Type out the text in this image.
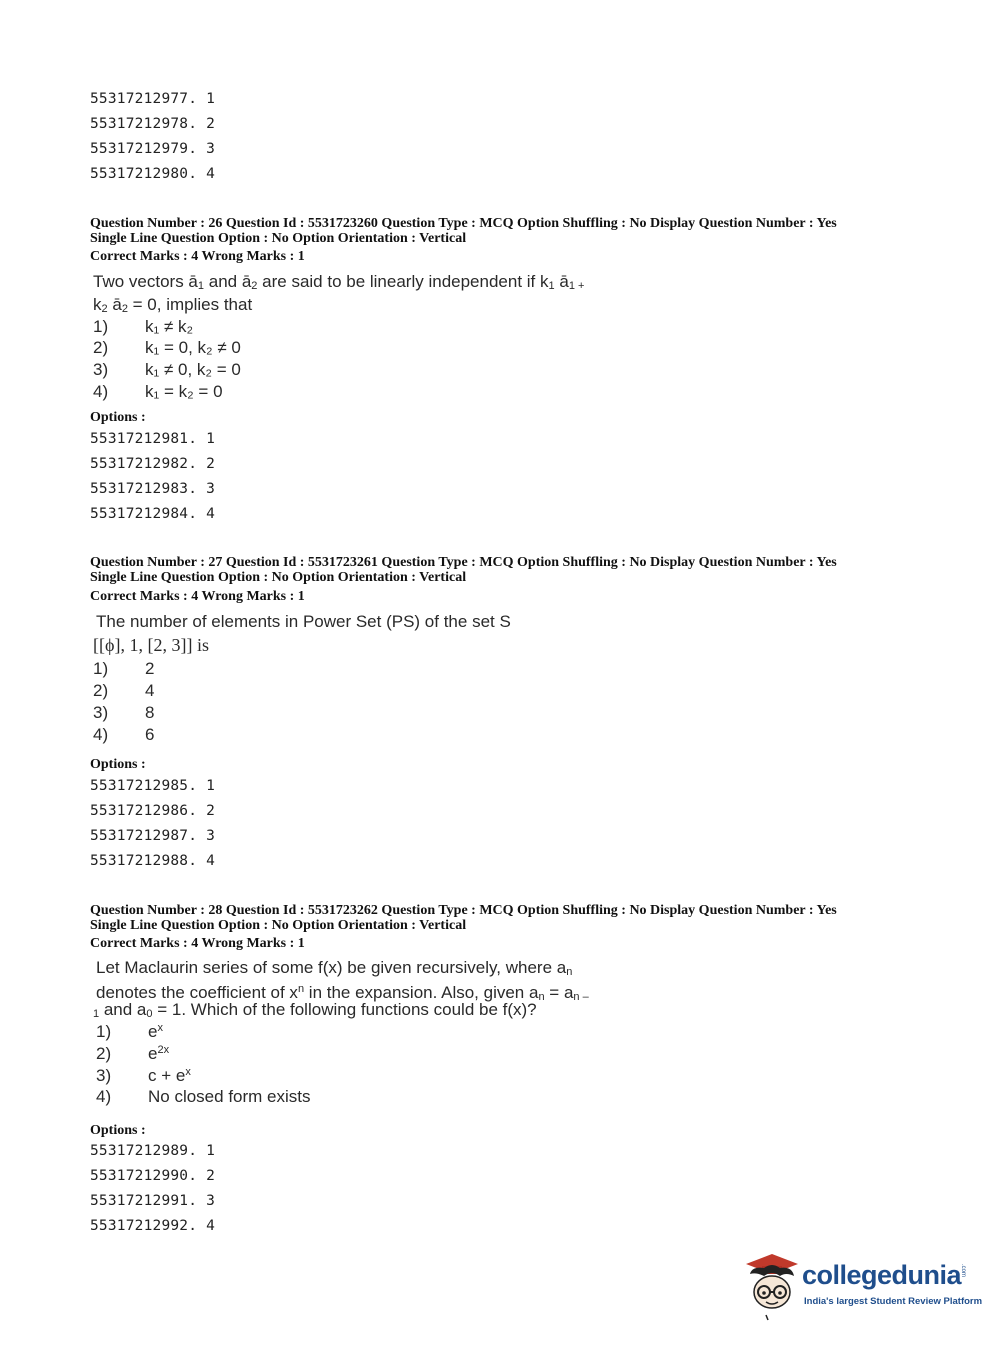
55317212977. 1
55317212978. 2
55317212979. 3
55317212980. 4
Question Number : 26 Question Id : 5531723260 Question Type : MCQ Option Shuffling : No Display Question Number : Yes
Single Line Question Option : No Option Orientation : Vertical
Correct Marks : 4 Wrong Marks : 1
Two vectors ā1 and ā2 are said to be linearly independent if k1 ā1 +
k2 ā2 = 0, implies that
1) k₁ ≠ k₂
2) k₁ = 0, k₂ ≠ 0
3) k₁ ≠ 0, k₂ = 0
4) k₁ = k₂ = 0
Options :
55317212981. 1
55317212982. 2
55317212983. 3
55317212984. 4
Question Number : 27 Question Id : 5531723261 Question Type : MCQ Option Shuffling : No Display Question Number : Yes
Single Line Question Option : No Option Orientation : Vertical
Correct Marks : 4 Wrong Marks : 1
The number of elements in Power Set (PS) of the set S
[[ϕ], 1, [2, 3]] is
1) 2
2) 4
3) 8
4) 6
Options :
55317212985. 1
55317212986. 2
55317212987. 3
55317212988. 4
Question Number : 28 Question Id : 5531723262 Question Type : MCQ Option Shuffling : No Display Question Number : Yes
Single Line Question Option : No Option Orientation : Vertical
Correct Marks : 4 Wrong Marks : 1
Let Maclaurin series of some f(x) be given recursively, where an
denotes the coefficient of $x^n$ in the expansion. Also, given an = an –
1 and a0 = 1. Which of the following functions could be f(x)?
1) $e^x$
2) $e^{2x}$
3) $c + e^x$
4) No closed form exists
Options :
55317212989. 1
55317212990. 2
55317212991. 3
55317212992. 4
collegedunia
.com
India's largest Student Review Platform
